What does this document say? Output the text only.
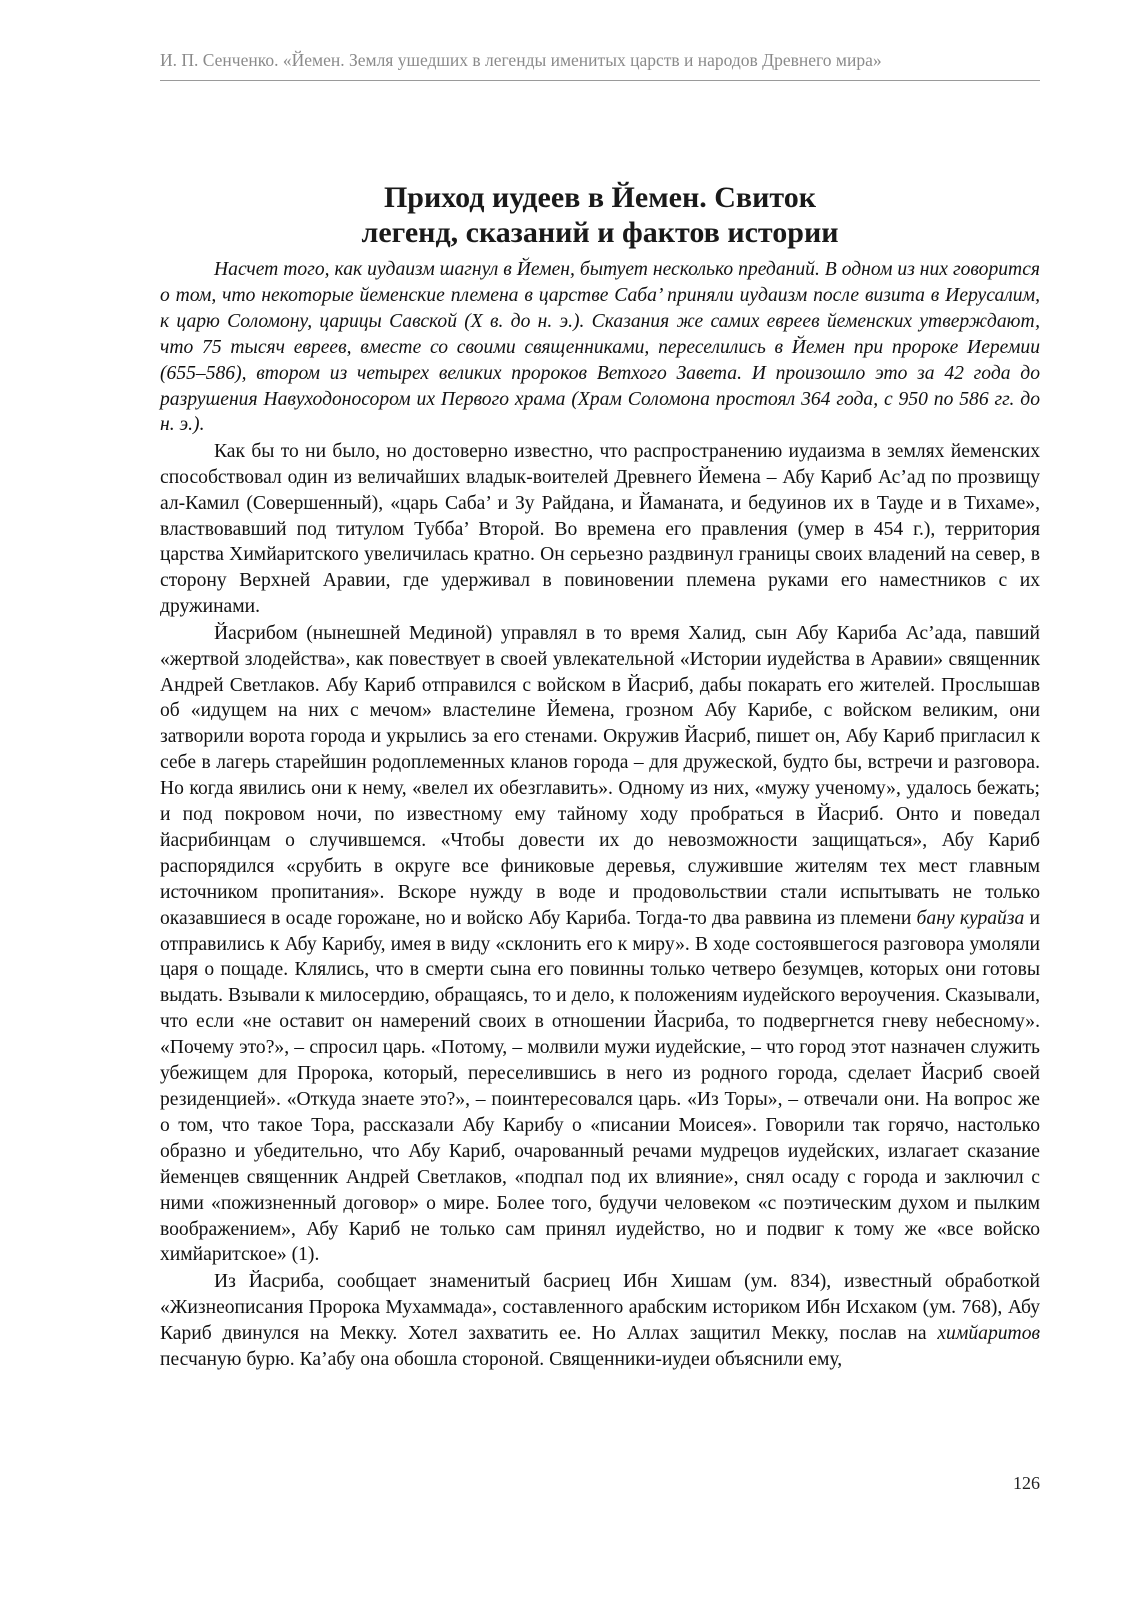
И. П. Сенченко. «Йемен. Земля ушедших в легенды именитых царств и народов Древнего мира»
Приход иудеев в Йемен. Свиток
легенд, сказаний и фактов истории

Насчет того, как иудаизм шагнул в Йемен, бытует несколько преданий. В одном из них говорится о том, что некоторые йеменские племена в царстве Саба’ приняли иудаизм после визита в Иерусалим, к царю Соломону, царицы Савской (X в. до н. э.). Сказания же самих евреев йеменских утверждают, что 75 тысяч евреев, вместе со своими священниками, переселились в Йемен при пророке Иеремии (655–586), втором из четырех великих пророков Ветхого Завета. И произошло это за 42 года до разрушения Навуходоносором их Первого храма (Храм Соломона простоял 364 года, с 950 по 586 гг. до н. э.).

Как бы то ни было, но достоверно известно, что распространению иудаизма в землях йеменских способствовал один из величайших владык-воителей Древнего Йемена – Абу Кариб Ас’ад по прозвищу ал-Камил (Совершенный), «царь Саба’ и Зу Райдана, и Йаманата, и бедуинов их в Тауде и в Тихаме», властвовавший под титулом Тубба’ Второй. Во времена его правления (умер в 454 г.), территория царства Химйаритского увеличилась кратно. Он серьезно раздвинул границы своих владений на север, в сторону Верхней Аравии, где удерживал в повиновении племена руками его наместников с их дружинами.

Йасрибом (нынешней Мединой) управлял в то время Халид, сын Абу Кариба Ас’ада, павший «жертвой злодейства», как повествует в своей увлекательной «Истории иудейства в Аравии» священник Андрей Светлаков. Абу Кариб отправился с войском в Йасриб, дабы покарать его жителей. Прослышав об «идущем на них с мечом» властелине Йемена, грозном Абу Карибе, с войском великим, они затворили ворота города и укрылись за его стенами. Окружив Йасриб, пишет он, Абу Кариб пригласил к себе в лагерь старейшин родоплеменных кланов города – для дружеской, будто бы, встречи и разговора. Но когда явились они к нему, «велел их обезглавить». Одному из них, «мужу ученому», удалось бежать; и под покровом ночи, по известному ему тайному ходу пробраться в Йасриб. Онто и поведал йасрибинцам о случившемся. «Чтобы довести их до невозможности защищаться», Абу Кариб распорядился «срубить в округе все финиковые деревья, служившие жителям тех мест главным источником пропитания». Вскоре нужду в воде и продовольствии стали испытывать не только оказавшиеся в осаде горожане, но и войско Абу Кариба. Тогда-то два раввина из племени бану курайза и отправились к Абу Карибу, имея в виду «склонить его к миру». В ходе состоявшегося разговора умоляли царя о пощаде. Клялись, что в смерти сына его повинны только четверо безумцев, которых они готовы выдать. Взывали к милосердию, обращаясь, то и дело, к положениям иудейского вероучения. Сказывали, что если «не оставит он намерений своих в отношении Йасриба, то подвергнется гневу небесному». «Почему это?», – спросил царь. «Потому, – молвили мужи иудейские, – что город этот назначен служить убежищем для Пророка, который, переселившись в него из родного города, сделает Йасриб своей резиденцией». «Откуда знаете это?», – поинтересовался царь. «Из Торы», – отвечали они. На вопрос же о том, что такое Тора, рассказали Абу Карибу о «писании Моисея». Говорили так горячо, настолько образно и убедительно, что Абу Кариб, очарованный речами мудрецов иудейских, излагает сказание йеменцев священник Андрей Светлаков, «подпал под их влияние», снял осаду с города и заключил с ними «пожизненный договор» о мире. Более того, будучи человеком «с поэтическим духом и пылким воображением», Абу Кариб не только сам принял иудейство, но и подвиг к тому же «все войско химйаритское» (1).

Из Йасриба, сообщает знаменитый басриец Ибн Хишам (ум. 834), известный обработкой «Жизнеописания Пророка Мухаммада», составленного арабским историком Ибн Исхаком (ум. 768), Абу Кариб двинулся на Мекку. Хотел захватить ее. Но Аллах защитил Мекку, послав на химйаритов песчаную бурю. Ка’абу она обошла стороной. Священники-иудеи объяснили ему,

126
